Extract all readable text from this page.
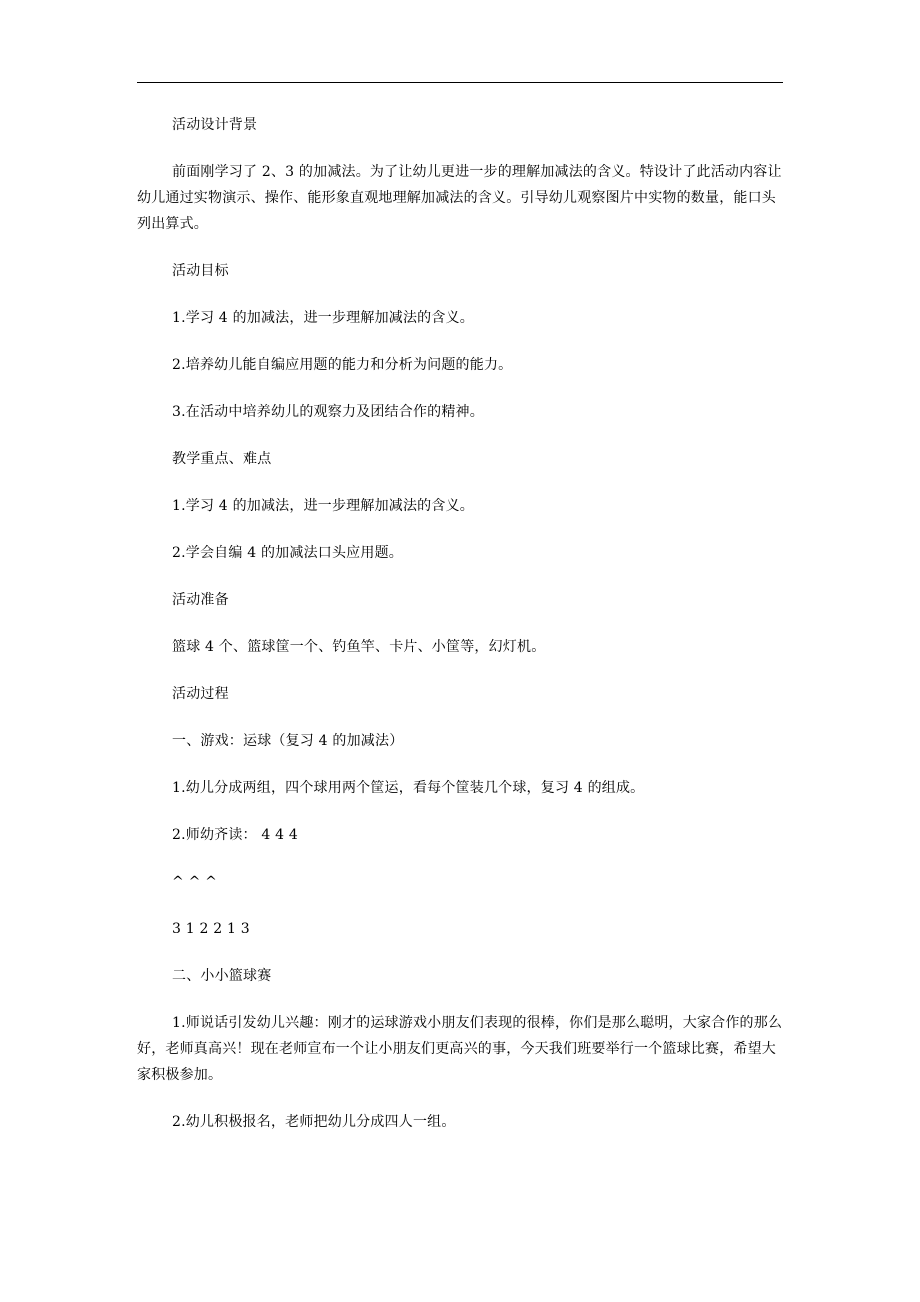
活动设计背景

前面刚学习了 2、3 的加减法。为了让幼儿更进一步的理解加减法的含义。特设计了此活动内容让幼儿通过实物演示、操作、能形象直观地理解加减法的含义。引导幼儿观察图片中实物的数量，能口头列出算式。

活动目标

1.学习 4 的加减法，进一步理解加减法的含义。

2.培养幼儿能自编应用题的能力和分析为问题的能力。

3.在活动中培养幼儿的观察力及团结合作的精神。

教学重点、难点

1.学习 4 的加减法，进一步理解加减法的含义。

2.学会自编 4 的加减法口头应用题。

活动准备

篮球 4 个、篮球筐一个、钓鱼竿、卡片、小筐等，幻灯机。

活动过程

一、游戏：运球（复习 4 的加减法）

1.幼儿分成两组，四个球用两个筐运，看每个筐装几个球，复习 4 的组成。

2.师幼齐读： 4 4 4

^ ^ ^

3 1 2 2 1 3

二、小小篮球赛

1.师说话引发幼儿兴趣：刚才的运球游戏小朋友们表现的很棒，你们是那么聪明，大家合作的那么好，老师真高兴！现在老师宣布一个让小朋友们更高兴的事，今天我们班要举行一个篮球比赛，希望大家积极参加。

2.幼儿积极报名，老师把幼儿分成四人一组。
